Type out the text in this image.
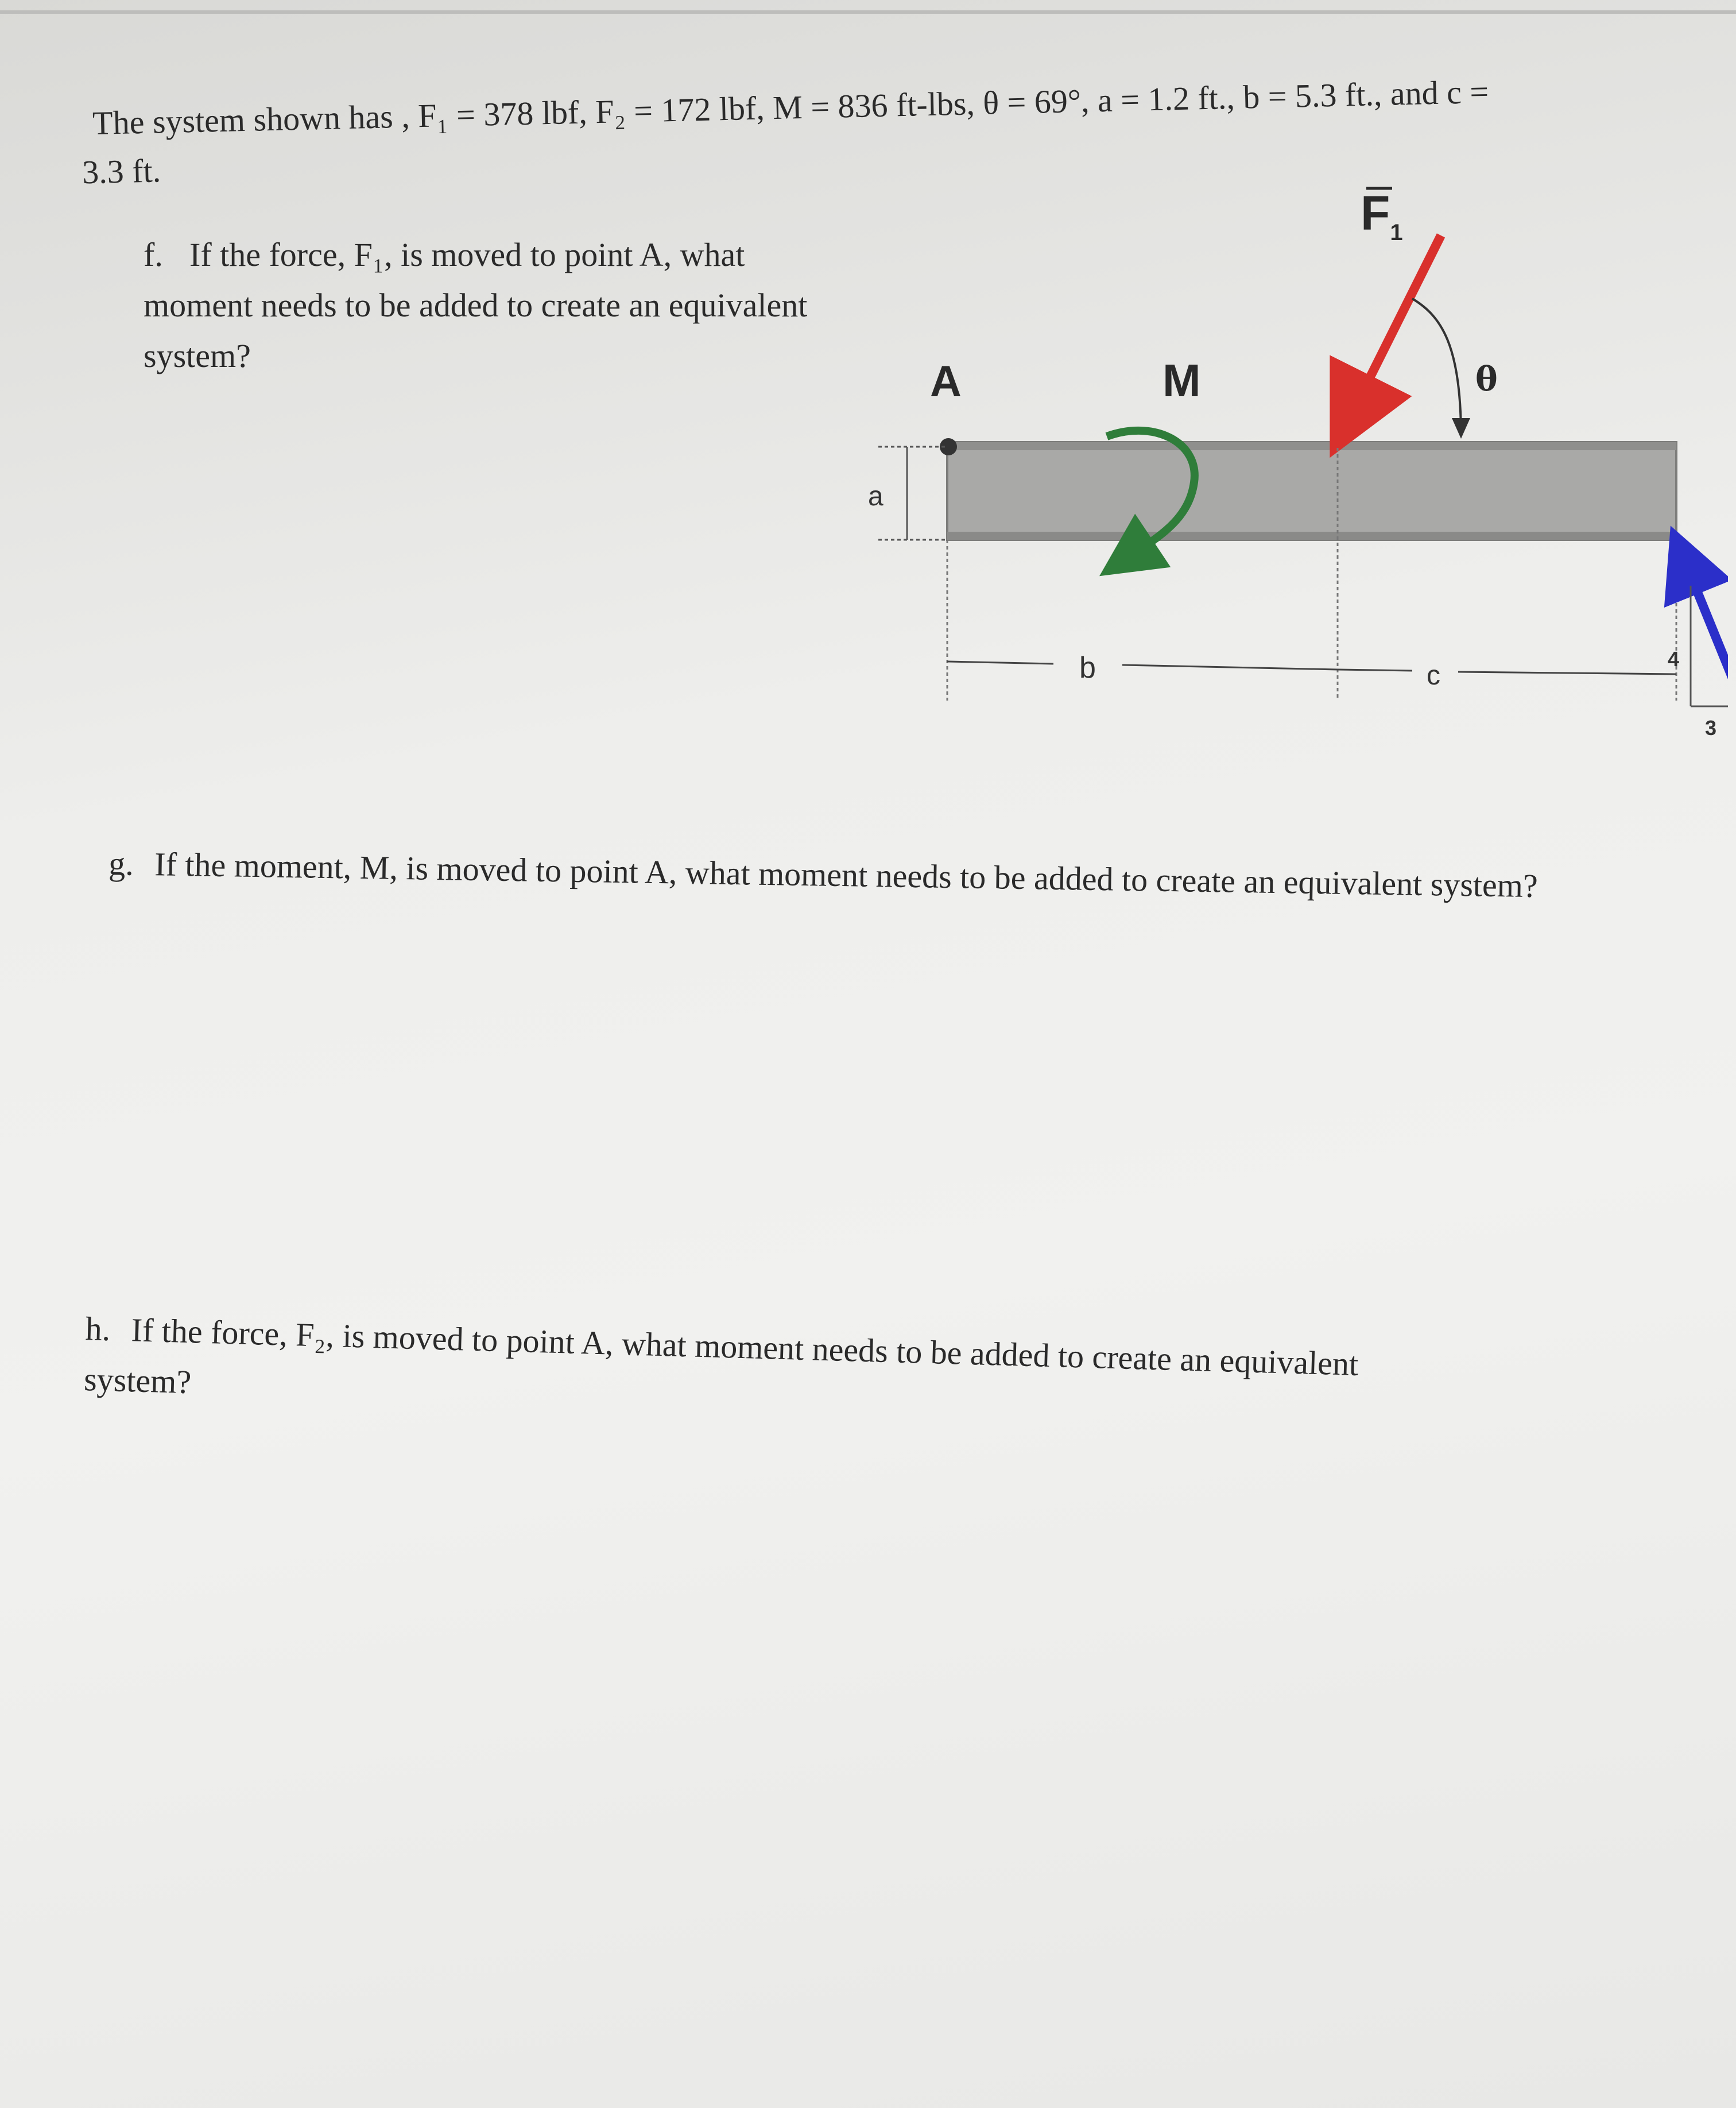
The system shown has , F₁ = 378 lbf, F₂ = 172 lbf, M = 836 ft-lbs, θ = 69°, a = 1.2 ft., b = 5.3 ft., and c =
3.3 ft.
f. If the force, F₁, is moved to point A, what moment needs to be added to create an equivalent system?
A
a
M
$F_1$
θ
b	c
4
3
g. If the moment, M, is moved to point A, what moment needs to be added to create an equivalent system?
h. If the force, F₂, is moved to point A, what moment needs to be added to create an equivalent system?
